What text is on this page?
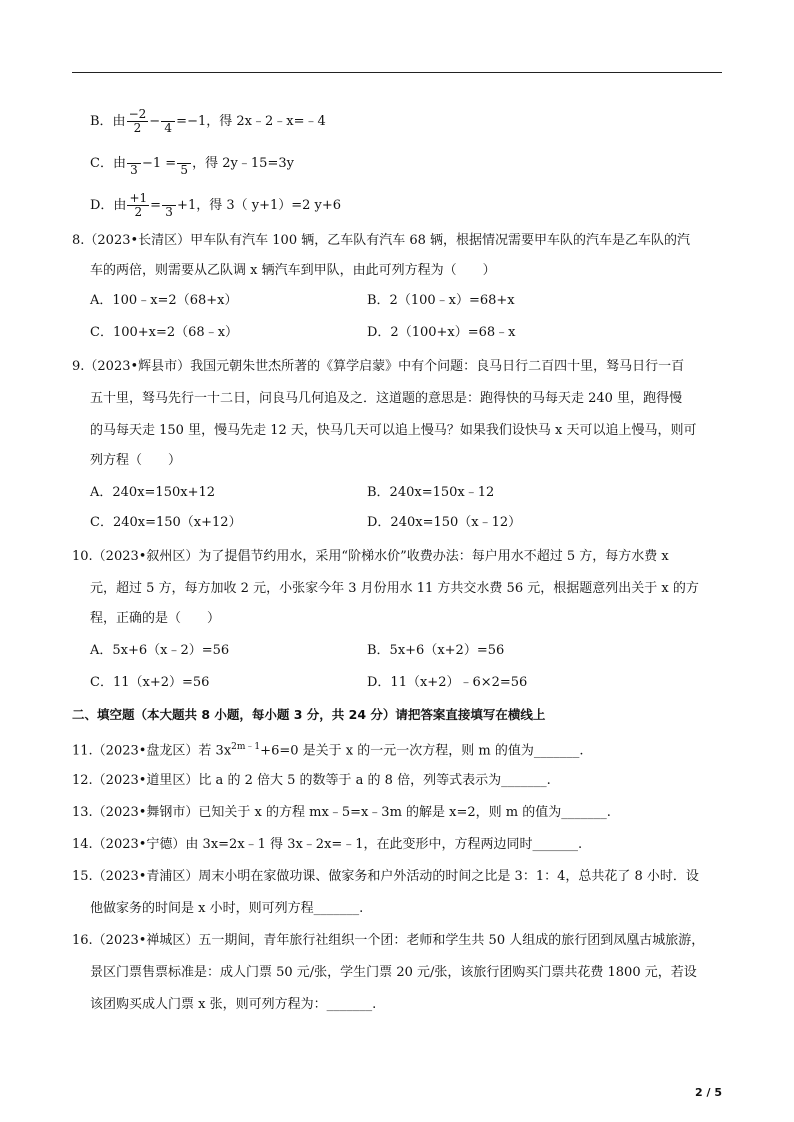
B．由 $\frac{-2}{2} - 4 =-1$，得 2x﹣2﹣x=﹣4
C．由 3 −1 = 5 ，得 2y﹣15=3y
D．由 $\frac{+1}{2} = 3 +1$，得 3（ y+1）=2 y+6
8.（2023•长清区）甲车队有汽车 100 辆，乙车队有汽车 68 辆，根据情况需要甲车队的汽车是乙车队的汽
车的两倍，则需要从乙队调 x 辆汽车到甲队，由此可列方程为（　　）
A．100﹣x=2（68+x）	B．2（100﹣x）=68+x
C．100+x=2（68﹣x）	D．2（100+x）=68﹣x
9.（2023•辉县市）我国元朝朱世杰所著的《算学启蒙》中有个问题：良马日行二百四十里，驽马日行一百
五十里，驽马先行一十二日，问良马几何追及之．这道题的意思是：跑得快的马每天走 240 里，跑得慢
的马每天走 150 里，慢马先走 12 天，快马几天可以追上慢马？如果我们设快马 x 天可以追上慢马，则可
列方程（　　）
A．240x=150x+12	B．240x=150x﹣12
C．240x=150（x+12）	D．240x=150（x﹣12）
10.（2023•叙州区）为了提倡节约用水，采用“阶梯水价”收费办法：每户用水不超过 5 方，每方水费 x
元，超过 5 方，每方加收 2 元，小张家今年 3 月份用水 11 方共交水费 56 元，根据题意列出关于 x 的方
程，正确的是（　　）
A．5x+6（x﹣2）=56	B．5x+6（x+2）=56
C．11（x+2）=56	D．11（x+2）﹣6×2=56
二、填空题（本大题共 8 小题，每小题 3 分，共 24 分）请把答案直接填写在横线上
11.（2023•盘龙区）若 $3x^{2m﹣1}+6=0$ 是关于 x 的一元一次方程，则 m 的值为_______.
12.（2023•道里区）比 a 的 2 倍大 5 的数等于 a 的 8 倍，列等式表示为_______.
13.（2023•舞钢市）已知关于 x 的方程 mx﹣5=x﹣3m 的解是 x=2，则 m 的值为_______.
14.（2023•宁德）由 3x=2x﹣1 得 3x﹣2x=﹣1，在此变形中，方程两边同时_______.
15.（2023•青浦区）周末小明在家做功课、做家务和户外活动的时间之比是 3：1：4，总共花了 8 小时．设
他做家务的时间是 x 小时，则可列方程_______.
16.（2023•禅城区）五一期间，青年旅行社组织一个团：老师和学生共 50 人组成的旅行团到凤凰古城旅游，
景区门票售票标准是：成人门票 50 元/张，学生门票 20 元/张，该旅行团购买门票共花费 1800 元，若设
该团购买成人门票 x 张，则可列方程为：_______.
2 / 5
